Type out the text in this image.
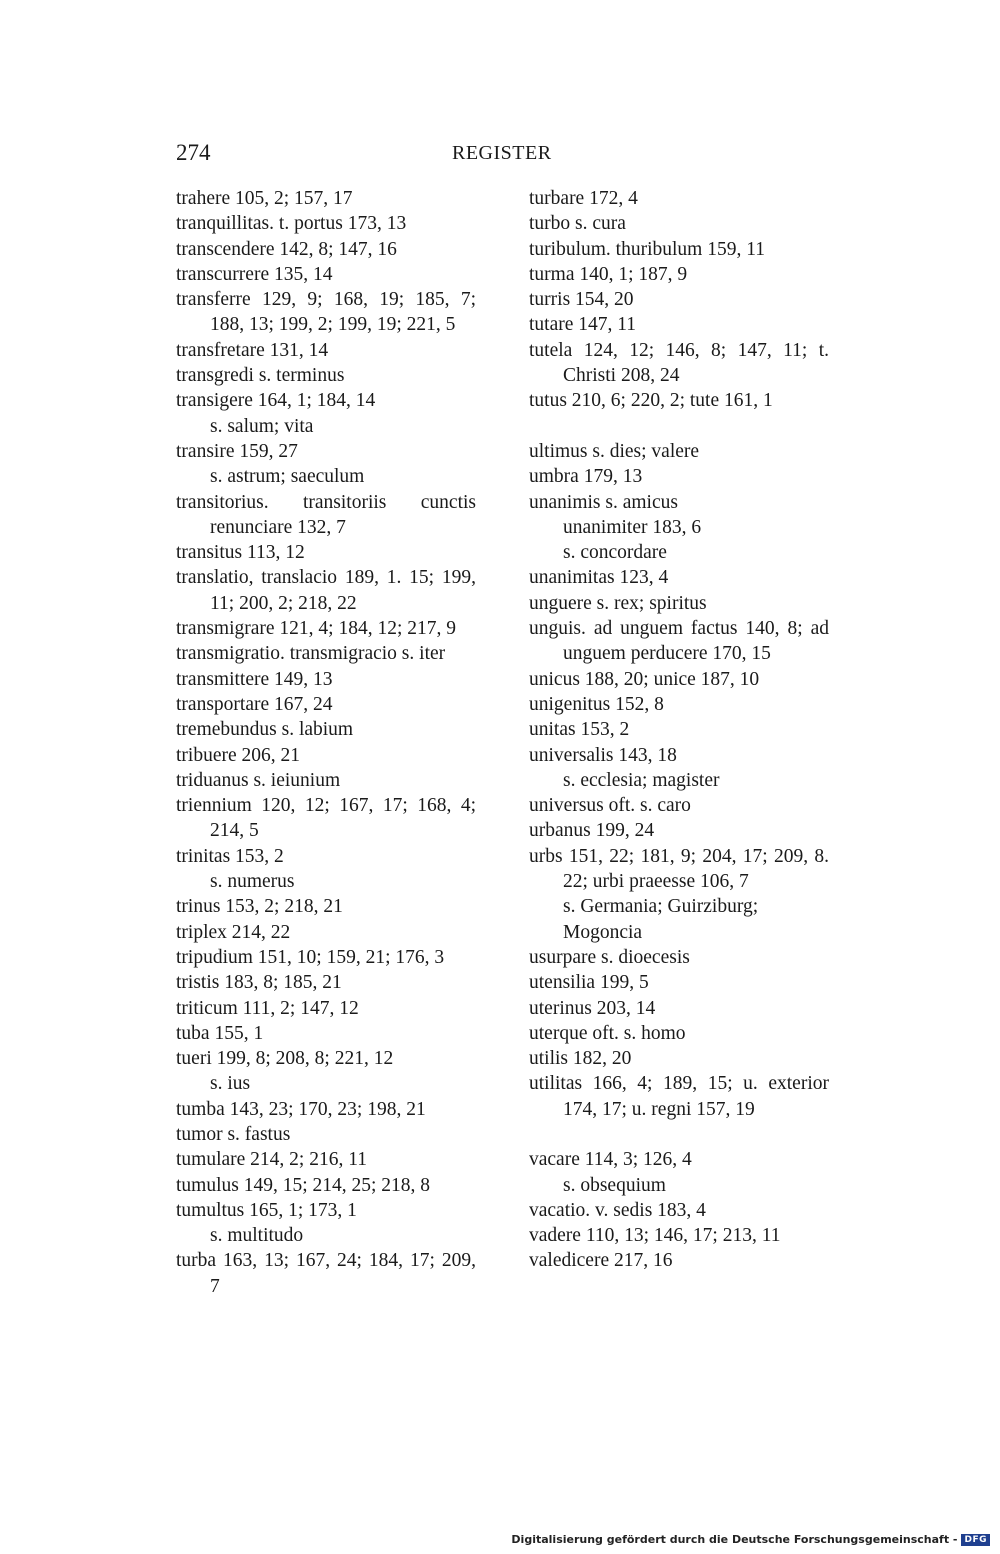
274	REGISTER
trahere 105, 2; 157, 17
tranquillitas. t. portus 173, 13
transcendere 142, 8; 147, 16
transcurrere 135, 14
transferre 129, 9; 168, 19; 185, 7; 188, 13; 199, 2; 199, 19; 221, 5
transfretare 131, 14
transgredi s. terminus
transigere 164, 1; 184, 14
s. salum; vita
transire 159, 27
s. astrum; saeculum
transitorius. transitoriis cunctis renunciare 132, 7
transitus 113, 12
translatio, translacio 189, 1. 15; 199, 11; 200, 2; 218, 22
transmigrare 121, 4; 184, 12; 217, 9
transmigratio. transmigracio s. iter
transmittere 149, 13
transportare 167, 24
tremebundus s. labium
tribuere 206, 21
triduanus s. ieiunium
triennium 120, 12; 167, 17; 168, 4; 214, 5
trinitas 153, 2
s. numerus
trinus 153, 2; 218, 21
triplex 214, 22
tripudium 151, 10; 159, 21; 176, 3
tristis 183, 8; 185, 21
triticum 111, 2; 147, 12
tuba 155, 1
tueri 199, 8; 208, 8; 221, 12
s. ius
tumba 143, 23; 170, 23; 198, 21
tumor s. fastus
tumulare 214, 2; 216, 11
tumulus 149, 15; 214, 25; 218, 8
tumultus 165, 1; 173, 1
s. multitudo
turba 163, 13; 167, 24; 184, 17; 209, 7
turbare 172, 4
turbo s. cura
turibulum. thuribulum 159, 11
turma 140, 1; 187, 9
turris 154, 20
tutare 147, 11
tutela 124, 12; 146, 8; 147, 11; t. Christi 208, 24
tutus 210, 6; 220, 2; tute 161, 1
ultimus s. dies; valere
umbra 179, 13
unanimis s. amicus
unanimiter 183, 6
s. concordare
unanimitas 123, 4
unguere s. rex; spiritus
unguis. ad unguem factus 140, 8; ad unguem perducere 170, 15
unicus 188, 20; unice 187, 10
unigenitus 152, 8
unitas 153, 2
universalis 143, 18
s. ecclesia; magister
universus oft. s. caro
urbanus 199, 24
urbs 151, 22; 181, 9; 204, 17; 209, 8. 22; urbi praeesse 106, 7
s. Germania; Guirziburg; Mogoncia
usurpare s. dioecesis
utensilia 199, 5
uterinus 203, 14
uterque oft. s. homo
utilis 182, 20
utilitas 166, 4; 189, 15; u. exterior 174, 17; u. regni 157, 19
vacare 114, 3; 126, 4
s. obsequium
vacatio. v. sedis 183, 4
vadere 110, 13; 146, 17; 213, 11
valedicere 217, 16
Digitalisierung gefördert durch die Deutsche Forschungsgemeinschaft - DFG
